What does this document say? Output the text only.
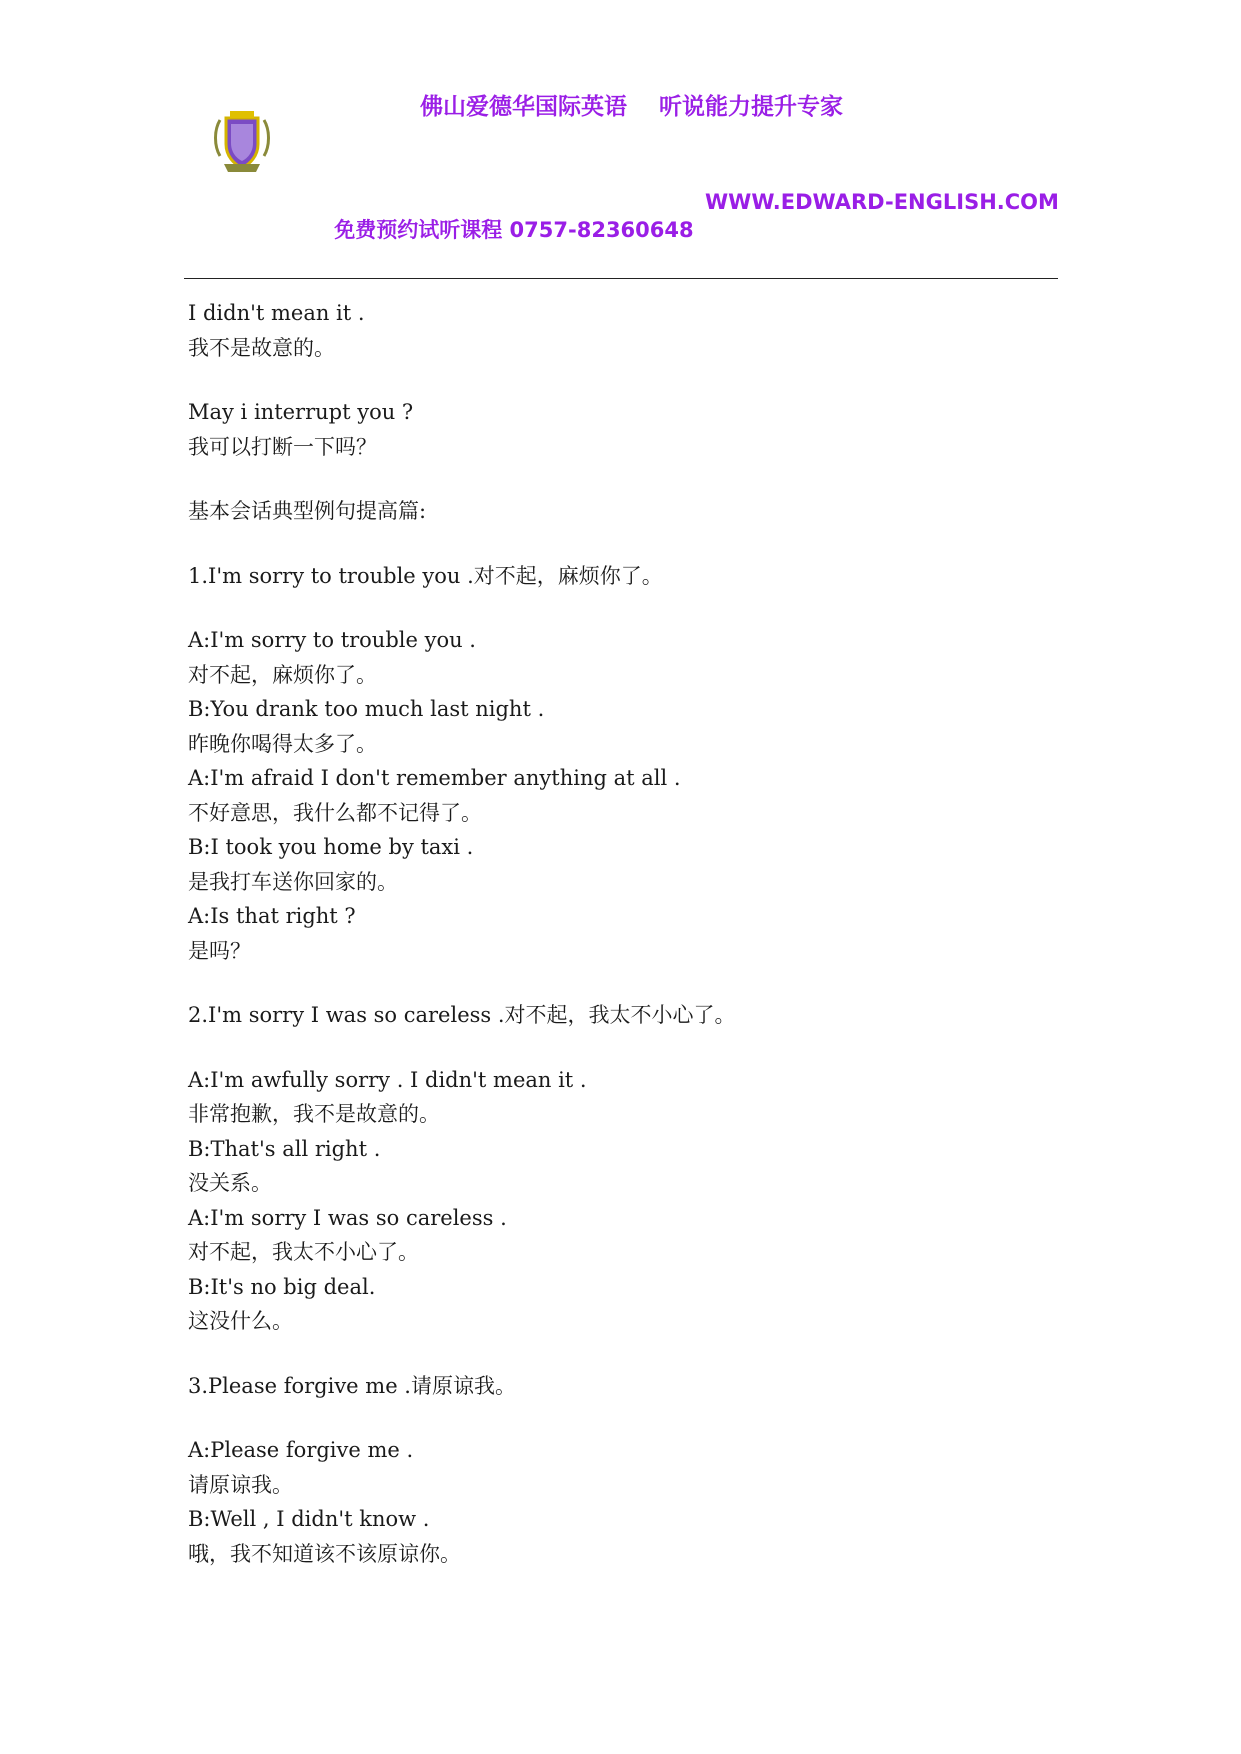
佛山爱德华国际英语    听说能力提升专家

免费预约试听课程 0757-82360648

WWW.EDWARD-ENGLISH.COM

I didn't mean it .
我不是故意的。
May i interrupt you ?
我可以打断一下吗？
基本会话典型例句提高篇:
1.I'm sorry to trouble you .对不起，麻烦你了。
A:I'm sorry to trouble you .
对不起，麻烦你了。
B:You drank too much last night .
昨晚你喝得太多了。
A:I'm afraid I don't remember anything at all .
不好意思，我什么都不记得了。
B:I took you home by taxi .
是我打车送你回家的。
A:Is that right ?
是吗？
2.I'm sorry I was so careless .对不起，我太不小心了。
A:I'm awfully sorry . I didn't mean it .
非常抱歉，我不是故意的。
B:That's all right .
没关系。
A:I'm sorry I was so careless .
对不起，我太不小心了。
B:It's no big deal.
这没什么。
3.Please forgive me .请原谅我。
A:Please forgive me .
请原谅我。
B:Well , I didn't know .
哦，我不知道该不该原谅你。
